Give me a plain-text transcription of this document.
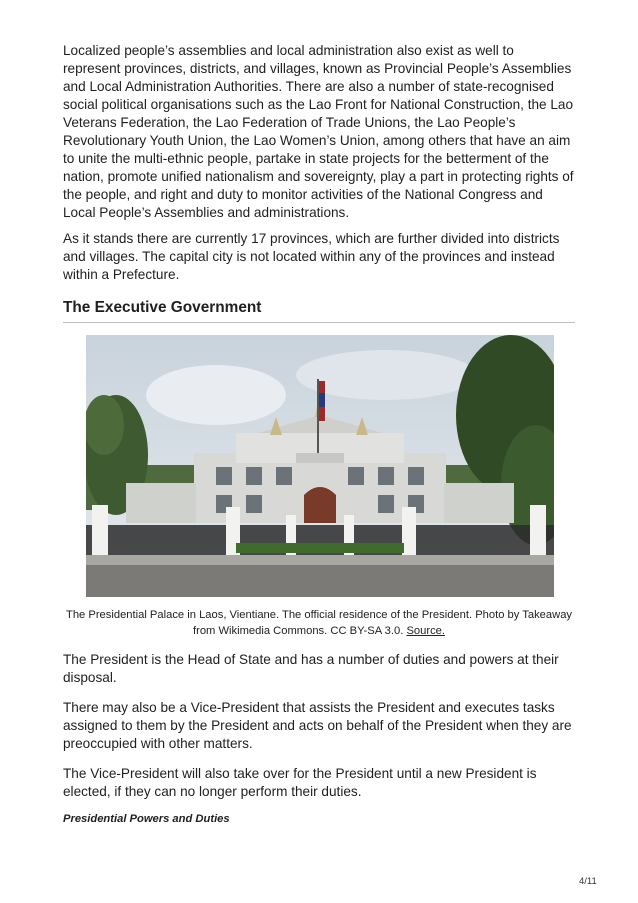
Localized people’s assemblies and local administration also exist as well to represent provinces, districts, and villages, known as Provincial People’s Assemblies and Local Administration Authorities. There are also a number of state-recognised social political organisations such as the Lao Front for National Construction, the Lao Veterans Federation, the Lao Federation of Trade Unions, the Lao People’s Revolutionary Youth Union, the Lao Women’s Union, among others that have an aim to unite the multi-ethnic people, partake in state projects for the betterment of the nation, promote unified nationalism and sovereignty, play a part in protecting rights of the people, and right and duty to monitor activities of the National Congress and Local People’s Assemblies and administrations.

As it stands there are currently 17 provinces, which are further divided into districts and villages. The capital city is not located within any of the provinces and instead within a Prefecture.

The Executive Government
The Presidential Palace in Laos, Vientiane. The official residence of the President. Photo by Takeaway from Wikimedia Commons. CC BY-SA 3.0. Source.

The President is the Head of State and has a number of duties and powers at their disposal.

There may also be a Vice-President that assists the President and executes tasks assigned to them by the President and acts on behalf of the President when they are preoccupied with other matters.

The Vice-President will also take over for the President until a new President is elected, if they can no longer perform their duties.

Presidential Powers and Duties
4/11
